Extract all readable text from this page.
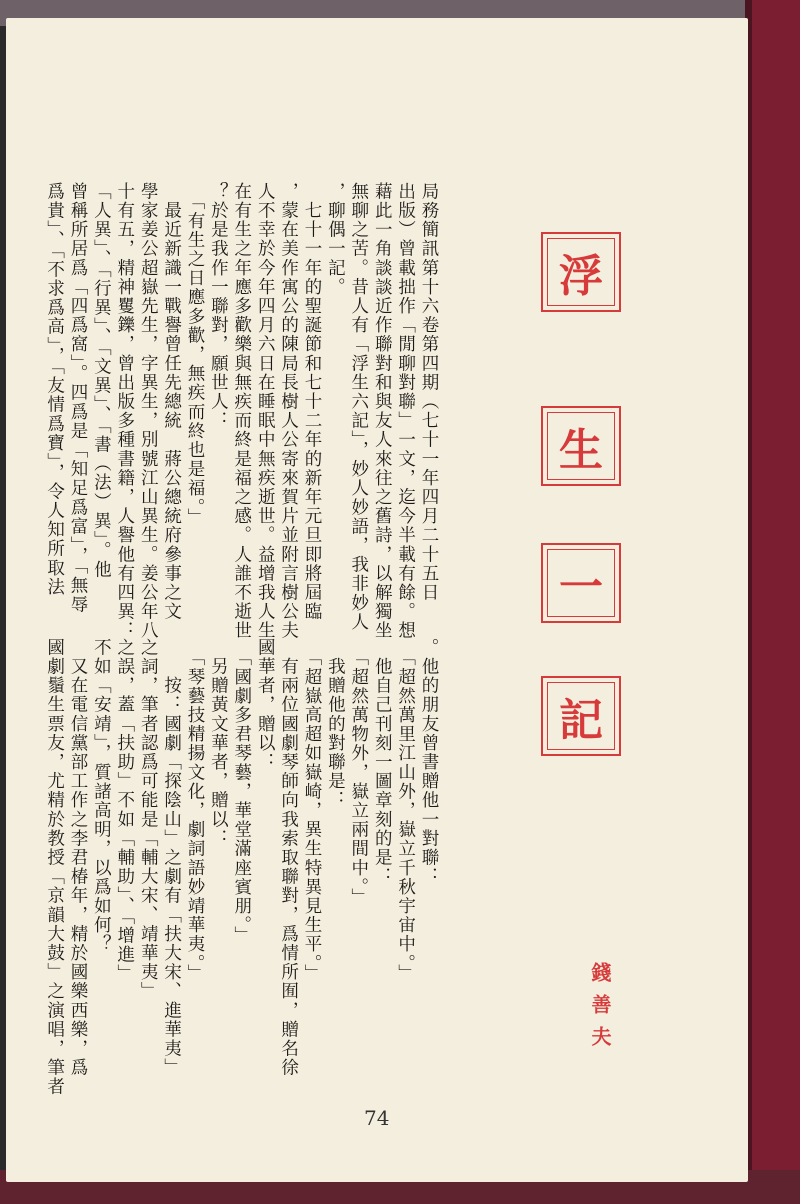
局務簡訊第十六卷第四期（七十一年四月二十五日
出版）曾載拙作「閒聊對聯」一文，迄今半載有餘。想
藉此一角談談近作聯對和與友人來往之舊詩，以解獨坐
無聊之苦。昔人有「浮生六記」，妙人妙語，我非妙人
，聊偶一記。
　七十一年的聖誕節和七十二年的新年元旦即將屆臨
，蒙在美作寓公的陳局長樹人公寄來賀片並附言樹公夫
人不幸於今年四月六日在睡眠中無疾逝世。益增我人生
在有生之年應多歡樂與無疾而終是福之感。人誰不逝世
？於是我作一聯對，願世人：
　「有生之日應多歡，無疾而終也是福。」
　最近新識一戰譽曾任先總統　蔣公總統府參事之文
學家姜公超嶽先生，字異生，別號江山異生。姜公年八
十有五，精神矍鑠，曾出版多種書籍，人譽他有四異：
「人異」、「行異」、「文異」、「書（法）異」。他
曾稱所居爲「四爲窩」。四爲是「知足爲富」，「無辱
爲貴」、「不求爲高」，「友情爲寶」，令人知所取法
。他的朋友曾書贈他一對聯：
　「超然萬里江山外，嶽立千秋宇宙中。」
　他自己刊刻一圖章刻的是：
　「超然萬物外，嶽立兩間中。」
　我贈他的對聯是：
　「超嶽高超如嶽崎，異生特異見生平。」
　有兩位國劇琴師向我索取聯對，爲情所囿，贈名徐
國華者，贈以：
　「國劇多君琴藝，華堂滿座賓朋。」
　另贈黃文華者，贈以：
　「琴藝技精揚文化，劇詞語妙靖華夷。」
　　按：國劇「探陰山」之劇有「扶大宋、進華夷」
之詞，筆者認爲可能是「輔大宋、靖華夷」
之誤，蓋「扶助」不如「輔助」、「增進」
不如「安靖」，質諸高明，以爲如何？
　又在電信黨部工作之李君椿年，精於國樂西樂，爲
國劇鬚生票友，尤精於教授「京韻大鼓」之演唱，筆者
浮
生
一
記
錢善夫
74
